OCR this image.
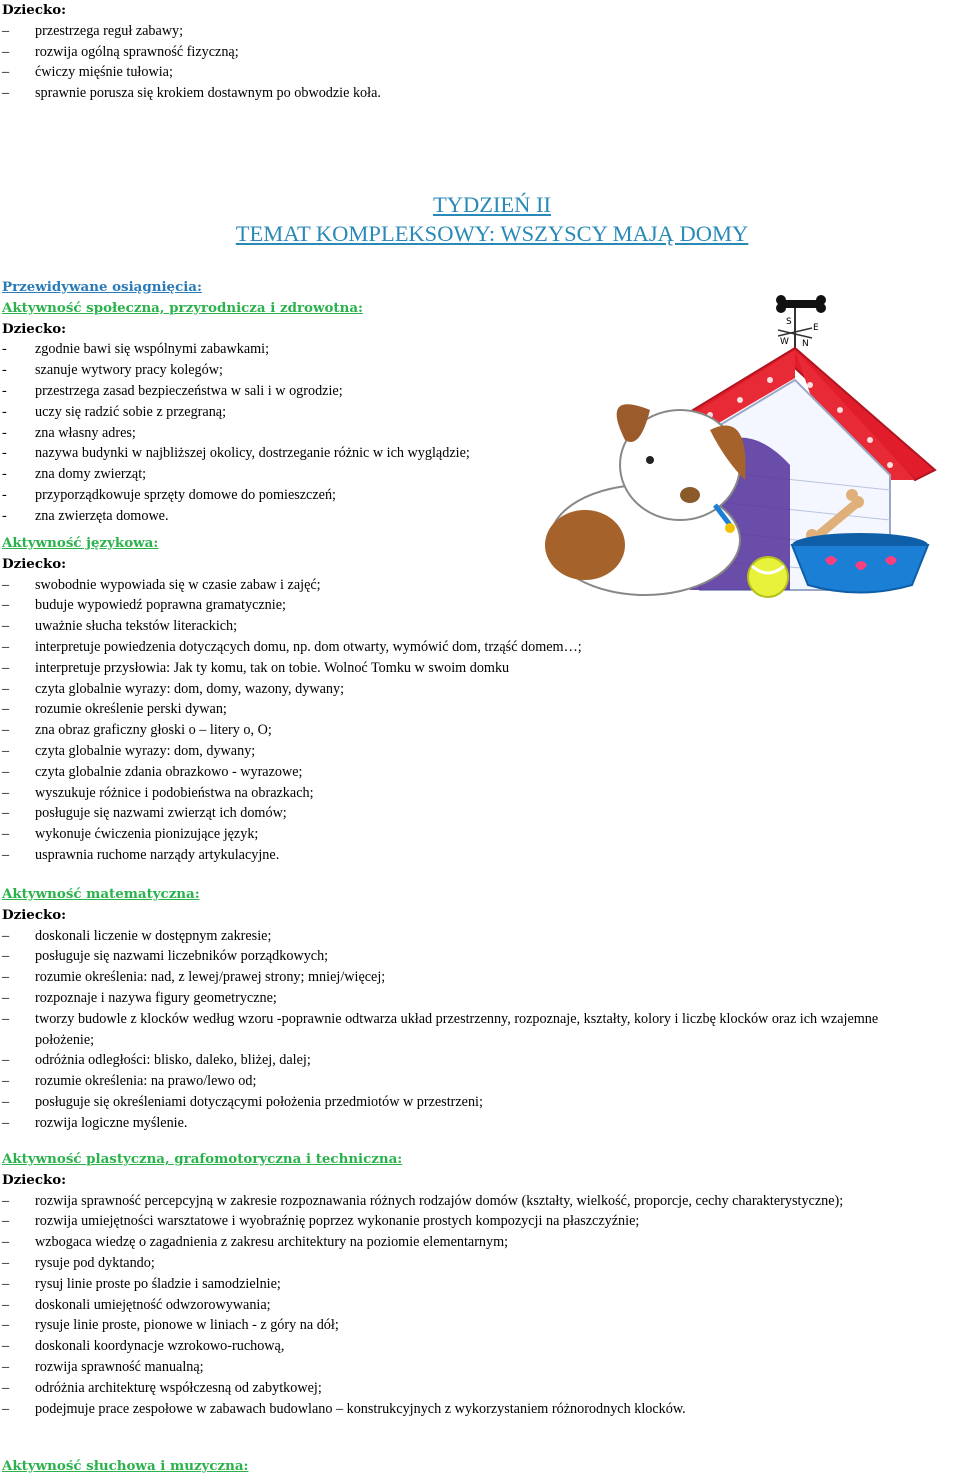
Dziecko:
–	przestrzega reguł zabawy;
–	rozwija ogólną sprawność fizyczną;
–	ćwiczy mięśnie tułowia;
–	sprawnie porusza się krokiem dostawnym po obwodzie koła.
TYDZIEŃ II
TEMAT KOMPLEKSOWY: WSZYSCY MAJĄ DOMY
E
S
W N
Przewidywane osiągnięcia:
Aktywność społeczna, przyrodnicza i zdrowotna:
Dziecko:
-	zgodnie bawi się wspólnymi zabawkami;
-	szanuje wytwory pracy kolegów;
-	przestrzega zasad bezpieczeństwa w sali i w ogrodzie;
-	uczy się radzić sobie z przegraną;
-	zna własny adres;
-	nazywa budynki w najbliższej okolicy, dostrzeganie różnic w ich wyglądzie;
-	zna domy zwierząt;
-	przyporządkowuje sprzęty domowe do pomieszczeń;
-	zna zwierzęta domowe.
Aktywność językowa:
Dziecko:
–	swobodnie wypowiada się w czasie zabaw i zajęć;
–	buduje wypowiedź poprawna gramatycznie;
–	uważnie słucha tekstów literackich;
–	interpretuje powiedzenia dotyczących domu, np. dom otwarty, wymówić dom, trząść domem…;
–	interpretuje przysłowia: Jak ty komu, tak on tobie. Wolnoć Tomku w swoim domku
–	czyta globalnie wyrazy: dom, domy, wazony, dywany;
–	rozumie określenie perski dywan;
–	zna obraz graficzny głoski o – litery o, O;
–	czyta globalnie wyrazy: dom, dywany;
–	czyta globalnie zdania obrazkowo - wyrazowe;
–	wyszukuje różnice i podobieństwa na obrazkach;
–	posługuje się nazwami zwierząt ich domów;
–	wykonuje ćwiczenia pionizujące język;
–	usprawnia ruchome narządy artykulacyjne.
Aktywność matematyczna:
Dziecko:
–	doskonali liczenie w dostępnym zakresie;
–	posługuje się nazwami liczebników porządkowych;
–	rozumie określenia: nad, z lewej/prawej strony; mniej/więcej;
–	rozpoznaje i nazywa figury geometryczne;
–	tworzy budowle z klocków według wzoru -poprawnie odtwarza układ przestrzenny, rozpoznaje, kształty, kolory i liczbę klocków oraz ich wzajemne położenie;
–	odróżnia odległości: blisko, daleko, bliżej, dalej;
–	rozumie określenia: na prawo/lewo od;
–	posługuje się określeniami dotyczącymi położenia przedmiotów w przestrzeni;
–	rozwija logiczne myślenie.
Aktywność plastyczna, grafomotoryczna i techniczna:
Dziecko:
–	rozwija sprawność percepcyjną w zakresie rozpoznawania różnych rodzajów domów (kształty, wielkość, proporcje, cechy charakterystyczne);
–	rozwija umiejętności warsztatowe i wyobraźnię poprzez wykonanie prostych kompozycji na płaszczyźnie;
–	wzbogaca wiedzę o zagadnienia z zakresu architektury na poziomie elementarnym;
–	rysuje pod dyktando;
–	rysuj linie proste po śladzie i samodzielnie;
–	doskonali umiejętność odwzorowywania;
–	rysuje linie proste, pionowe w liniach - z góry na dół;
–	doskonali koordynacje wzrokowo-ruchową,
–	rozwija sprawność manualną;
–	odróżnia architekturę współczesną od zabytkowej;
–	podejmuje prace zespołowe w zabawach budowlano – konstrukcyjnych z wykorzystaniem różnorodnych klocków.
Aktywność słuchowa i muzyczna:
